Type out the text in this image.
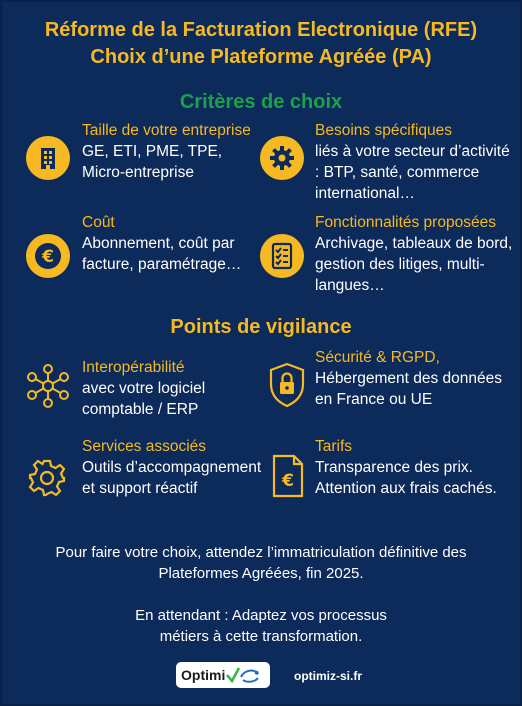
Réforme de la Facturation Electronique (RFE)
Choix d’une Plateforme Agréée (PA)
Critères de choix
Taille de votre entreprise
GE, ETI, PME, TPE, Micro-entreprise
Besoins spécifiques
liés à votre secteur d’activité : BTP, santé, commerce international…
€
Coût
Abonnement, coût par facture, paramétrage…
Fonctionnalités proposées
Archivage, tableaux de bord, gestion des litiges, multi-langues…
Points de vigilance
Interopérabilité
avec votre logiciel comptable / ERP
Sécurité & RGPD,
Hébergement des données en France ou UE
Services associés
Outils d’accompagnement et support réactif	€
Tarifs
Transparence des prix. Attention aux frais cachés.
Pour faire votre choix, attendez l’immatriculation définitive des Plateformes Agréées, fin 2025.
En attendant : Adaptez vos processus métiers à cette transformation.
Optimi	optimiz-si.fr
